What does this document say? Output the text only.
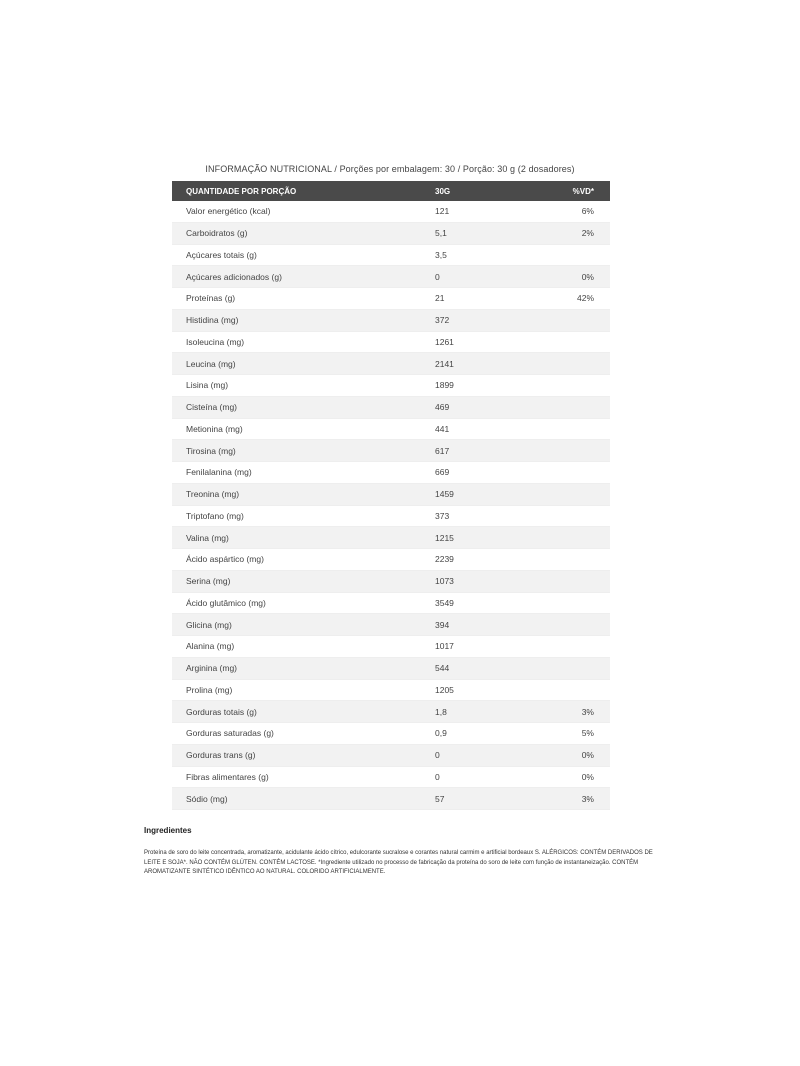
INFORMAÇÃO NUTRICIONAL / Porções por embalagem: 30 / Porção: 30 g (2 dosadores)
QUANTIDADE POR PORÇÃO	30G	%VD*
Valor energético (kcal)	121	6%
Carboidratos (g)	5,1	2%
Açúcares totais (g)	3,5
Açúcares adicionados (g)	0	0%
Proteínas (g)	21	42%
Histidina (mg)	372
Isoleucina (mg)	1261
Leucina (mg)	2141
Lisina (mg)	1899
Cisteína (mg)	469
Metionina (mg)	441
Tirosina (mg)	617
Fenilalanina (mg)	669
Treonina (mg)	1459
Triptofano (mg)	373
Valina (mg)	1215
Ácido aspártico (mg)	2239
Serina (mg)	1073
Ácido glutâmico (mg)	3549
Glicina (mg)	394
Alanina (mg)	1017
Arginina (mg)	544
Prolina (mg)	1205
Gorduras totais (g)	1,8	3%
Gorduras saturadas (g)	0,9	5%
Gorduras trans (g)	0	0%
Fibras alimentares (g)	0	0%
Sódio (mg)	57	3%
Ingredientes
Proteína de soro do leite concentrada, aromatizante, acidulante ácido cítrico, edulcorante sucralose e corantes natural carmim e artificial bordeaux S. ALÉRGICOS: CONTÉM DERIVADOS DE LEITE E SOJA*. NÃO CONTÉM GLÚTEN. CONTÉM LACTOSE. *Ingrediente utilizado no processo de fabricação da proteína do soro de leite com função de instantaneização. CONTÉM AROMATIZANTE SINTÉTICO IDÊNTICO AO NATURAL. COLORIDO ARTIFICIALMENTE.
